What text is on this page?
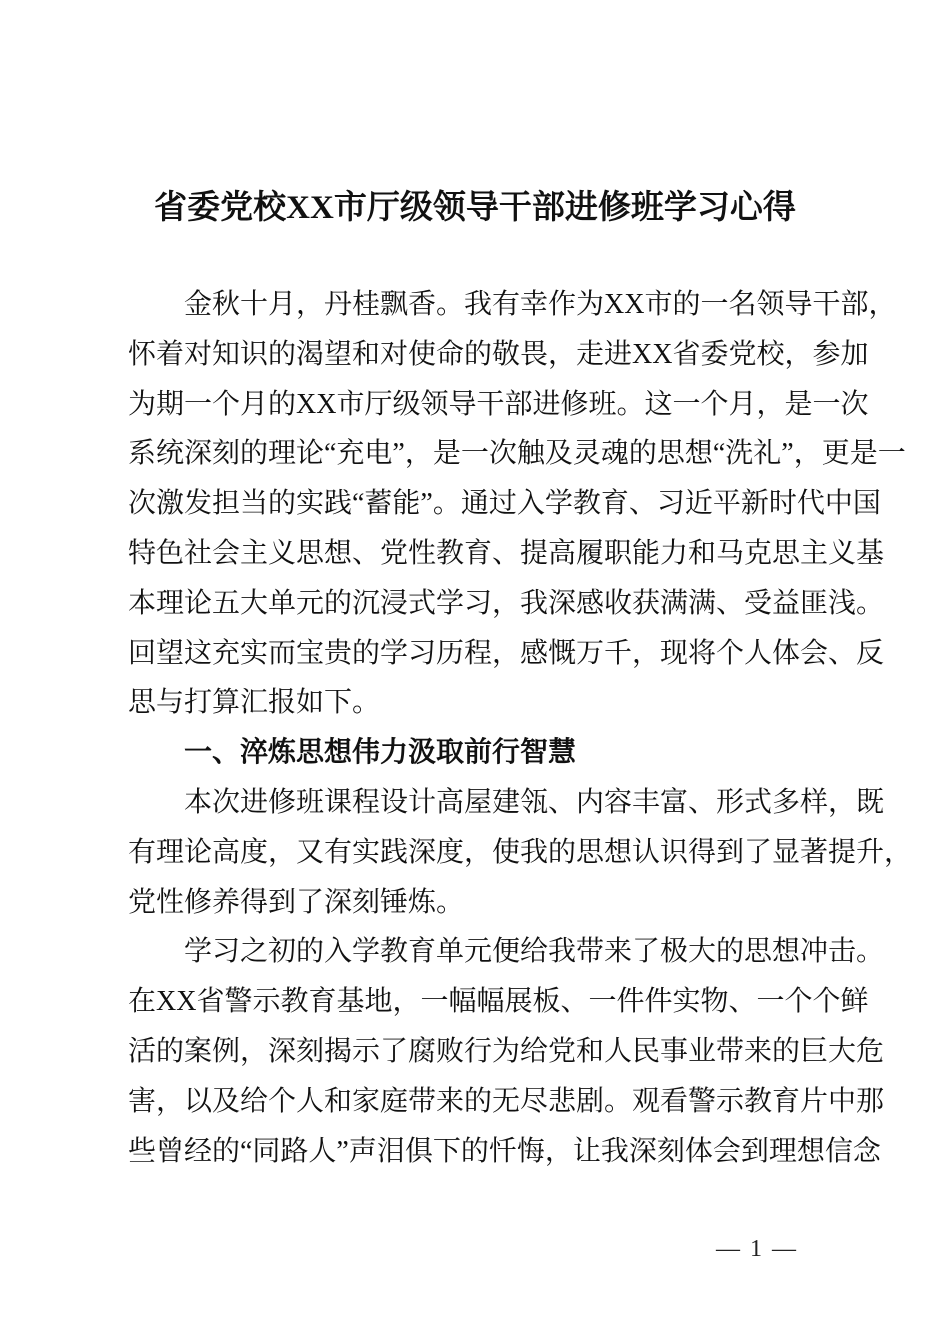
省委党校XX市厅级领导干部进修班学习心得
金秋十月，丹桂飘香。我有幸作为XX市的一名领导干部，
怀着对知识的渴望和对使命的敬畏，走进XX省委党校，参加
为期一个月的XX市厅级领导干部进修班。这一个月，是一次
系统深刻的理论“充电”，是一次触及灵魂的思想“洗礼”，更是一
次激发担当的实践“蓄能”。通过入学教育、习近平新时代中国
特色社会主义思想、党性教育、提高履职能力和马克思主义基
本理论五大单元的沉浸式学习，我深感收获满满、受益匪浅。
回望这充实而宝贵的学习历程，感慨万千，现将个人体会、反
思与打算汇报如下。
一、淬炼思想伟力汲取前行智慧
本次进修班课程设计高屋建瓴、内容丰富、形式多样，既
有理论高度，又有实践深度，使我的思想认识得到了显著提升，
党性修养得到了深刻锤炼。
学习之初的入学教育单元便给我带来了极大的思想冲击。
在XX省警示教育基地，一幅幅展板、一件件实物、一个个鲜
活的案例，深刻揭示了腐败行为给党和人民事业带来的巨大危
害，以及给个人和家庭带来的无尽悲剧。观看警示教育片中那
些曾经的“同路人”声泪俱下的忏悔，让我深刻体会到理想信念
— 1 —
